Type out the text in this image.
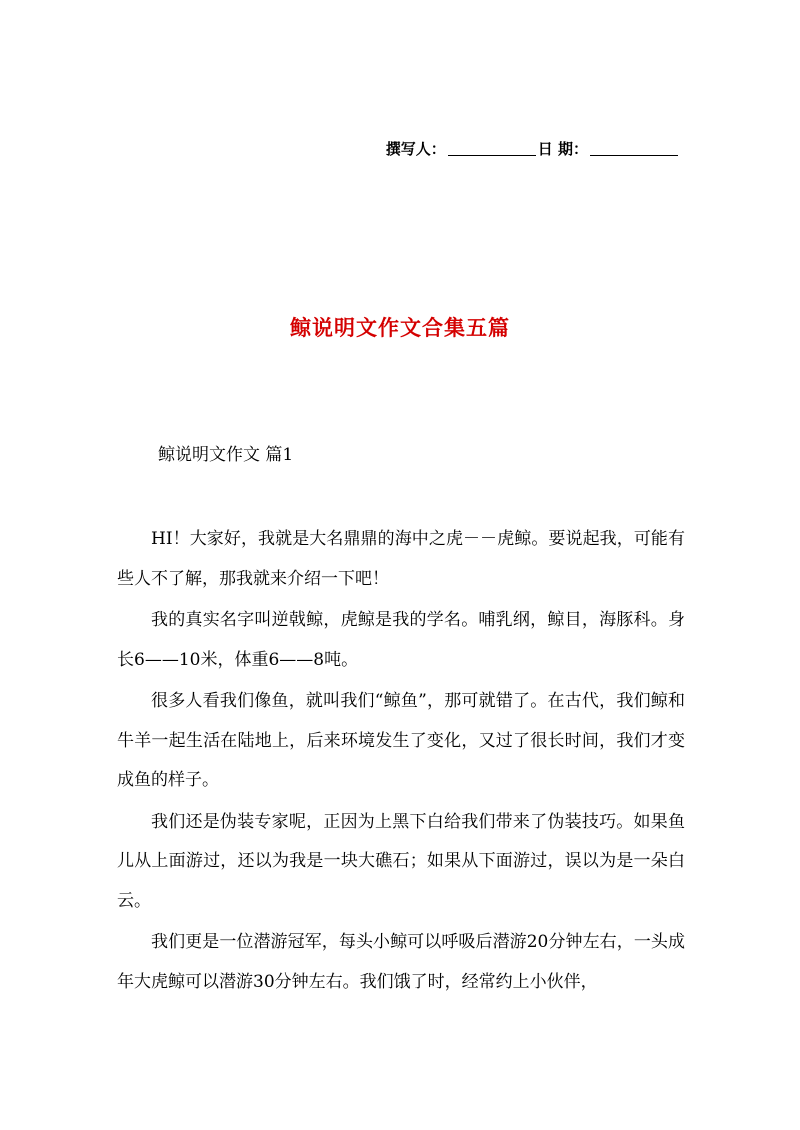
撰写人：	日 期：
鲸说明文作文合集五篇
鲸说明文作文 篇1

HI！大家好，我就是大名鼎鼎的海中之虎－－虎鲸。要说起我，可能有些人不了解，那我就来介绍一下吧！

我的真实名字叫逆戟鲸，虎鲸是我的学名。哺乳纲，鲸目，海豚科。身长6——10米，体重6——8吨。

很多人看我们像鱼，就叫我们“鲸鱼”，那可就错了。在古代，我们鲸和牛羊一起生活在陆地上，后来环境发生了变化，又过了很长时间，我们才变成鱼的样子。

我们还是伪装专家呢，正因为上黑下白给我们带来了伪装技巧。如果鱼儿从上面游过，还以为我是一块大礁石；如果从下面游过，误以为是一朵白云。

我们更是一位潜游冠军，每头小鲸可以呼吸后潜游20分钟左右，一头成年大虎鲸可以潜游30分钟左右。我们饿了时，经常约上小伙伴，
